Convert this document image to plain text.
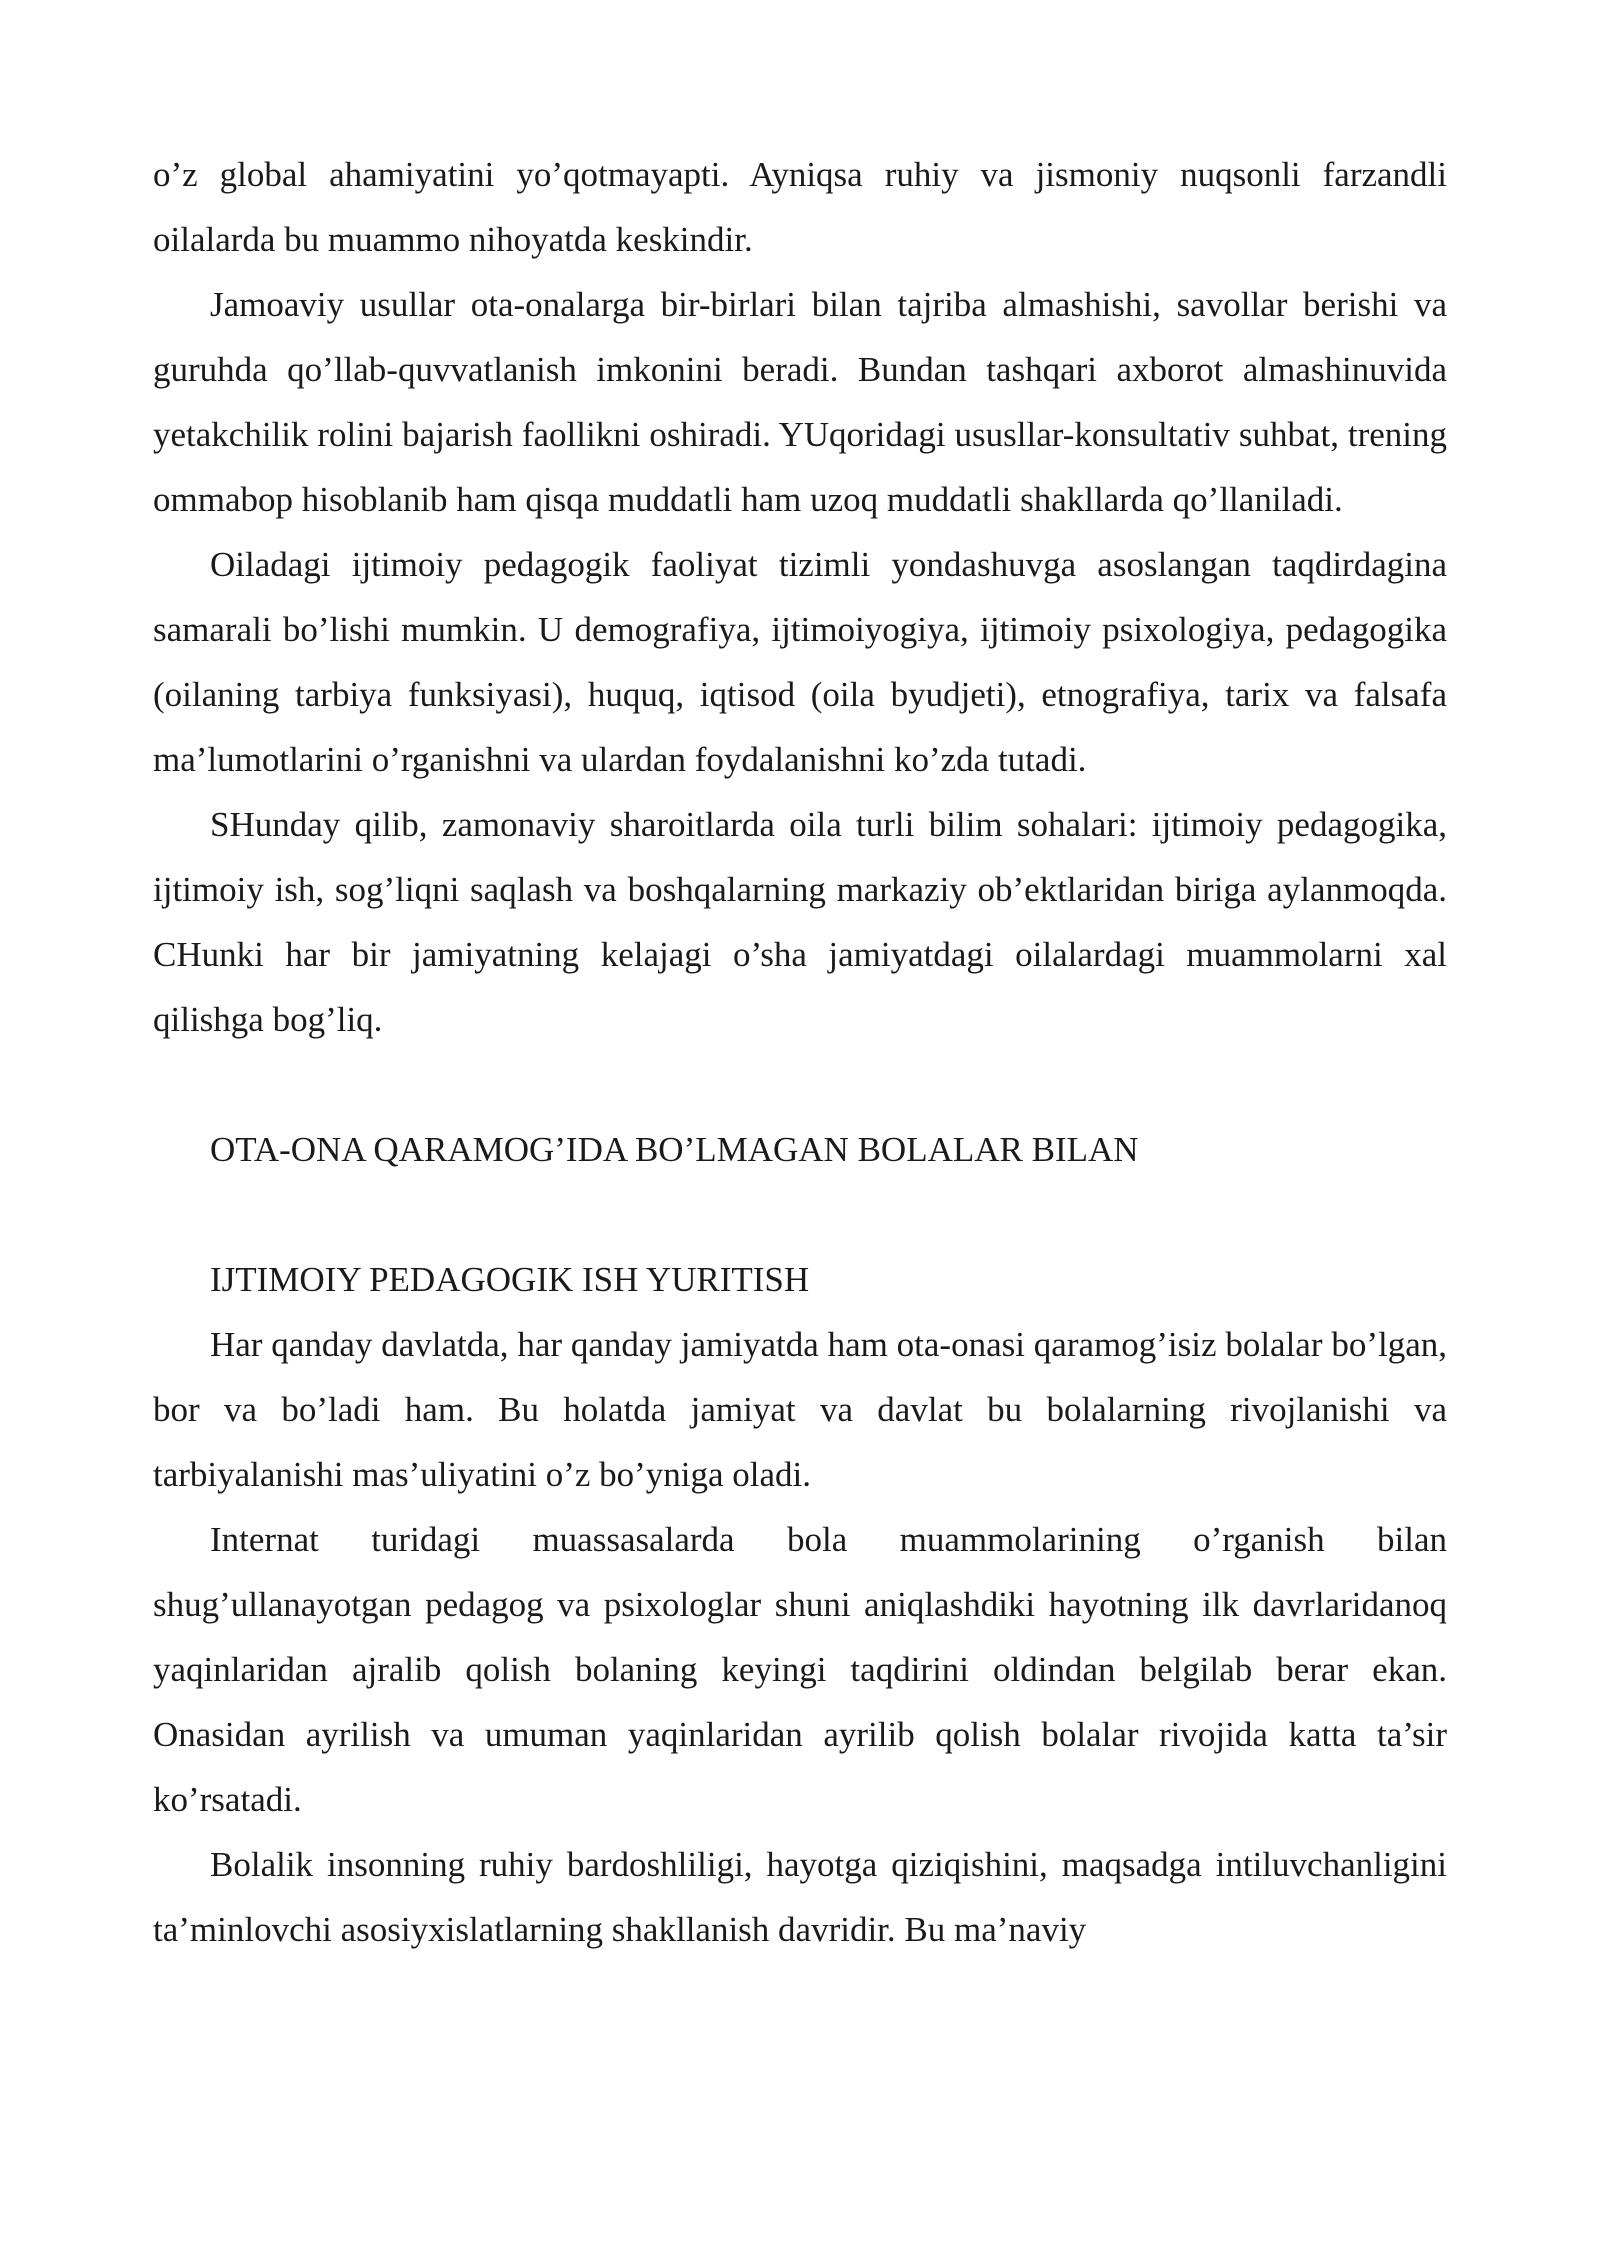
o’z global ahamiyatini yo’qotmayapti. Ayniqsa ruhiy va jismoniy nuqsonli farzandli oilalarda bu muammo nihoyatda keskindir.

Jamoaviy usullar ota-onalarga bir-birlari bilan tajriba almashishi, savollar berishi va guruhda qo’llab-quvvatlanish imkonini beradi. Bundan tashqari axborot almashinuvida yetakchilik rolini bajarish faollikni oshiradi. YUqoridagi ususllar-konsultativ suhbat, trening ommabop hisoblanib ham qisqa muddatli ham uzoq muddatli shakllarda qo’llaniladi.

Oiladagi ijtimoiy pedagogik faoliyat tizimli yondashuvga asoslangan taqdirdagina samarali bo’lishi mumkin. U demografiya, ijtimoiyogiya, ijtimoiy psixologiya, pedagogika (oilaning tarbiya funksiyasi), huquq, iqtisod (oila byudjeti), etnografiya, tarix va falsafa ma’lumotlarini o’rganishni va ulardan foydalanishni ko’zda tutadi.

SHunday qilib, zamonaviy sharoitlarda oila turli bilim sohalari: ijtimoiy pedagogika, ijtimoiy ish, sog’liqni saqlash va boshqalarning markaziy ob’ektlaridan biriga aylanmoqda. CHunki har bir jamiyatning kelajagi o’sha jamiyatdagi oilalardagi muammolarni xal qilishga bog’liq.

OTA-ONA QARAMOG’IDA BO’LMAGAN BOLALAR BILAN

IJTIMOIY PEDAGOGIK ISH YURITISH

Har qanday davlatda, har qanday jamiyatda ham ota-onasi qaramog’isiz bolalar bo’lgan, bor va bo’ladi ham. Bu holatda jamiyat va davlat bu bolalarning rivojlanishi va tarbiyalanishi mas’uliyatini o’z bo’yniga oladi.

Internat turidagi muassasalarda bola muammolarining o’rganish bilan shug’ullanayotgan pedagog va psixologlar shuni aniqlashdiki hayotning ilk davrlaridanoq yaqinlaridan ajralib qolish bolaning keyingi taqdirini oldindan belgilab berar ekan. Onasidan ayrilish va umuman yaqinlaridan ayrilib qolish bolalar rivojida katta ta’sir ko’rsatadi.

Bolalik insonning ruhiy bardoshliligi, hayotga qiziqishini, maqsadga intiluvchanligini ta’minlovchi asosiyxislatlarning shakllanish davridir. Bu ma’naviy
